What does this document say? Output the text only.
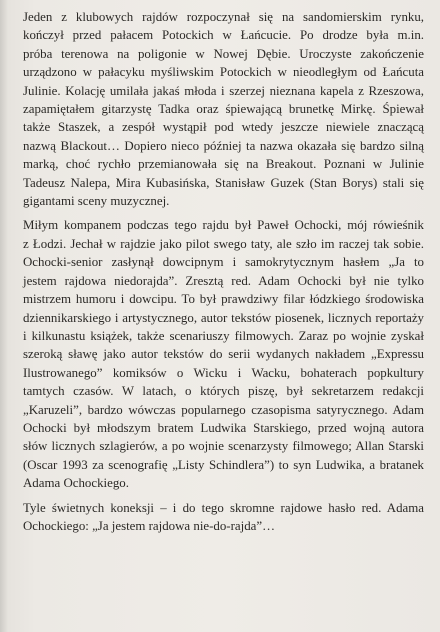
Jeden z klubowych rajdów rozpoczynał się na sandomierskim rynku,
kończył przed pałacem Potockich w Łańcucie. Po drodze była m.in.
próba terenowa na poligonie w Nowej Dębie. Uroczyste zakończenie
urządzono w pałacyku myśliwskim Potockich w nieodległym od Łańcuta
Julinie. Kolację umilała jakaś młoda i szerzej nieznana kapela z Rzeszowa,
zapamiętałem gitarzystę Tadka oraz śpiewającą brunetkę Mirkę. Śpiewał
także Staszek, a zespół wystąpił pod wtedy jeszcze niewiele znaczącą
nazwą Blackout… Dopiero nieco później ta nazwa okazała się bardzo silną
marką, choć rychło przemianowała się na Breakout. Poznani w Julinie
Tadeusz Nalepa, Mira Kubasińska, Stanisław Guzek (Stan Borys) stali się
gigantami sceny muzycznej.

Miłym kompanem podczas tego rajdu był Paweł Ochocki, mój rówieśnik
z Łodzi. Jechał w rajdzie jako pilot swego taty, ale szło im raczej tak sobie.
Ochocki-senior zasłynął dowcipnym i samokrytycznym hasłem „Ja to
jestem rajdowa niedorajda”. Zresztą red. Adam Ochocki był nie tylko
mistrzem humoru i dowcipu. To był prawdziwy filar łódzkiego środowiska
dziennikarskiego i artystycznego, autor tekstów piosenek, licznych reportaży
i kilkunastu książek, także scenariuszy filmowych. Zaraz po wojnie zyskał
szeroką sławę jako autor tekstów do serii wydanych nakładem „Expressu
Ilustrowanego” komiksów o Wicku i Wacku, bohaterach popkultury
tamtych czasów. W latach, o których piszę, był sekretarzem redakcji
„Karuzeli”, bardzo wówczas popularnego czasopisma satyrycznego. Adam
Ochocki był młodszym bratem Ludwika Starskiego, przed wojną autora
słów licznych szlagierów, a po wojnie scenarzysty filmowego; Allan Starski
(Oscar 1993 za scenografię „Listy Schindlera”) to syn Ludwika, a bratanek
Adama Ochockiego.

Tyle świetnych koneksji – i do tego skromne rajdowe hasło red. Adama
Ochockiego: „Ja jestem rajdowa nie-do-rajda”…
